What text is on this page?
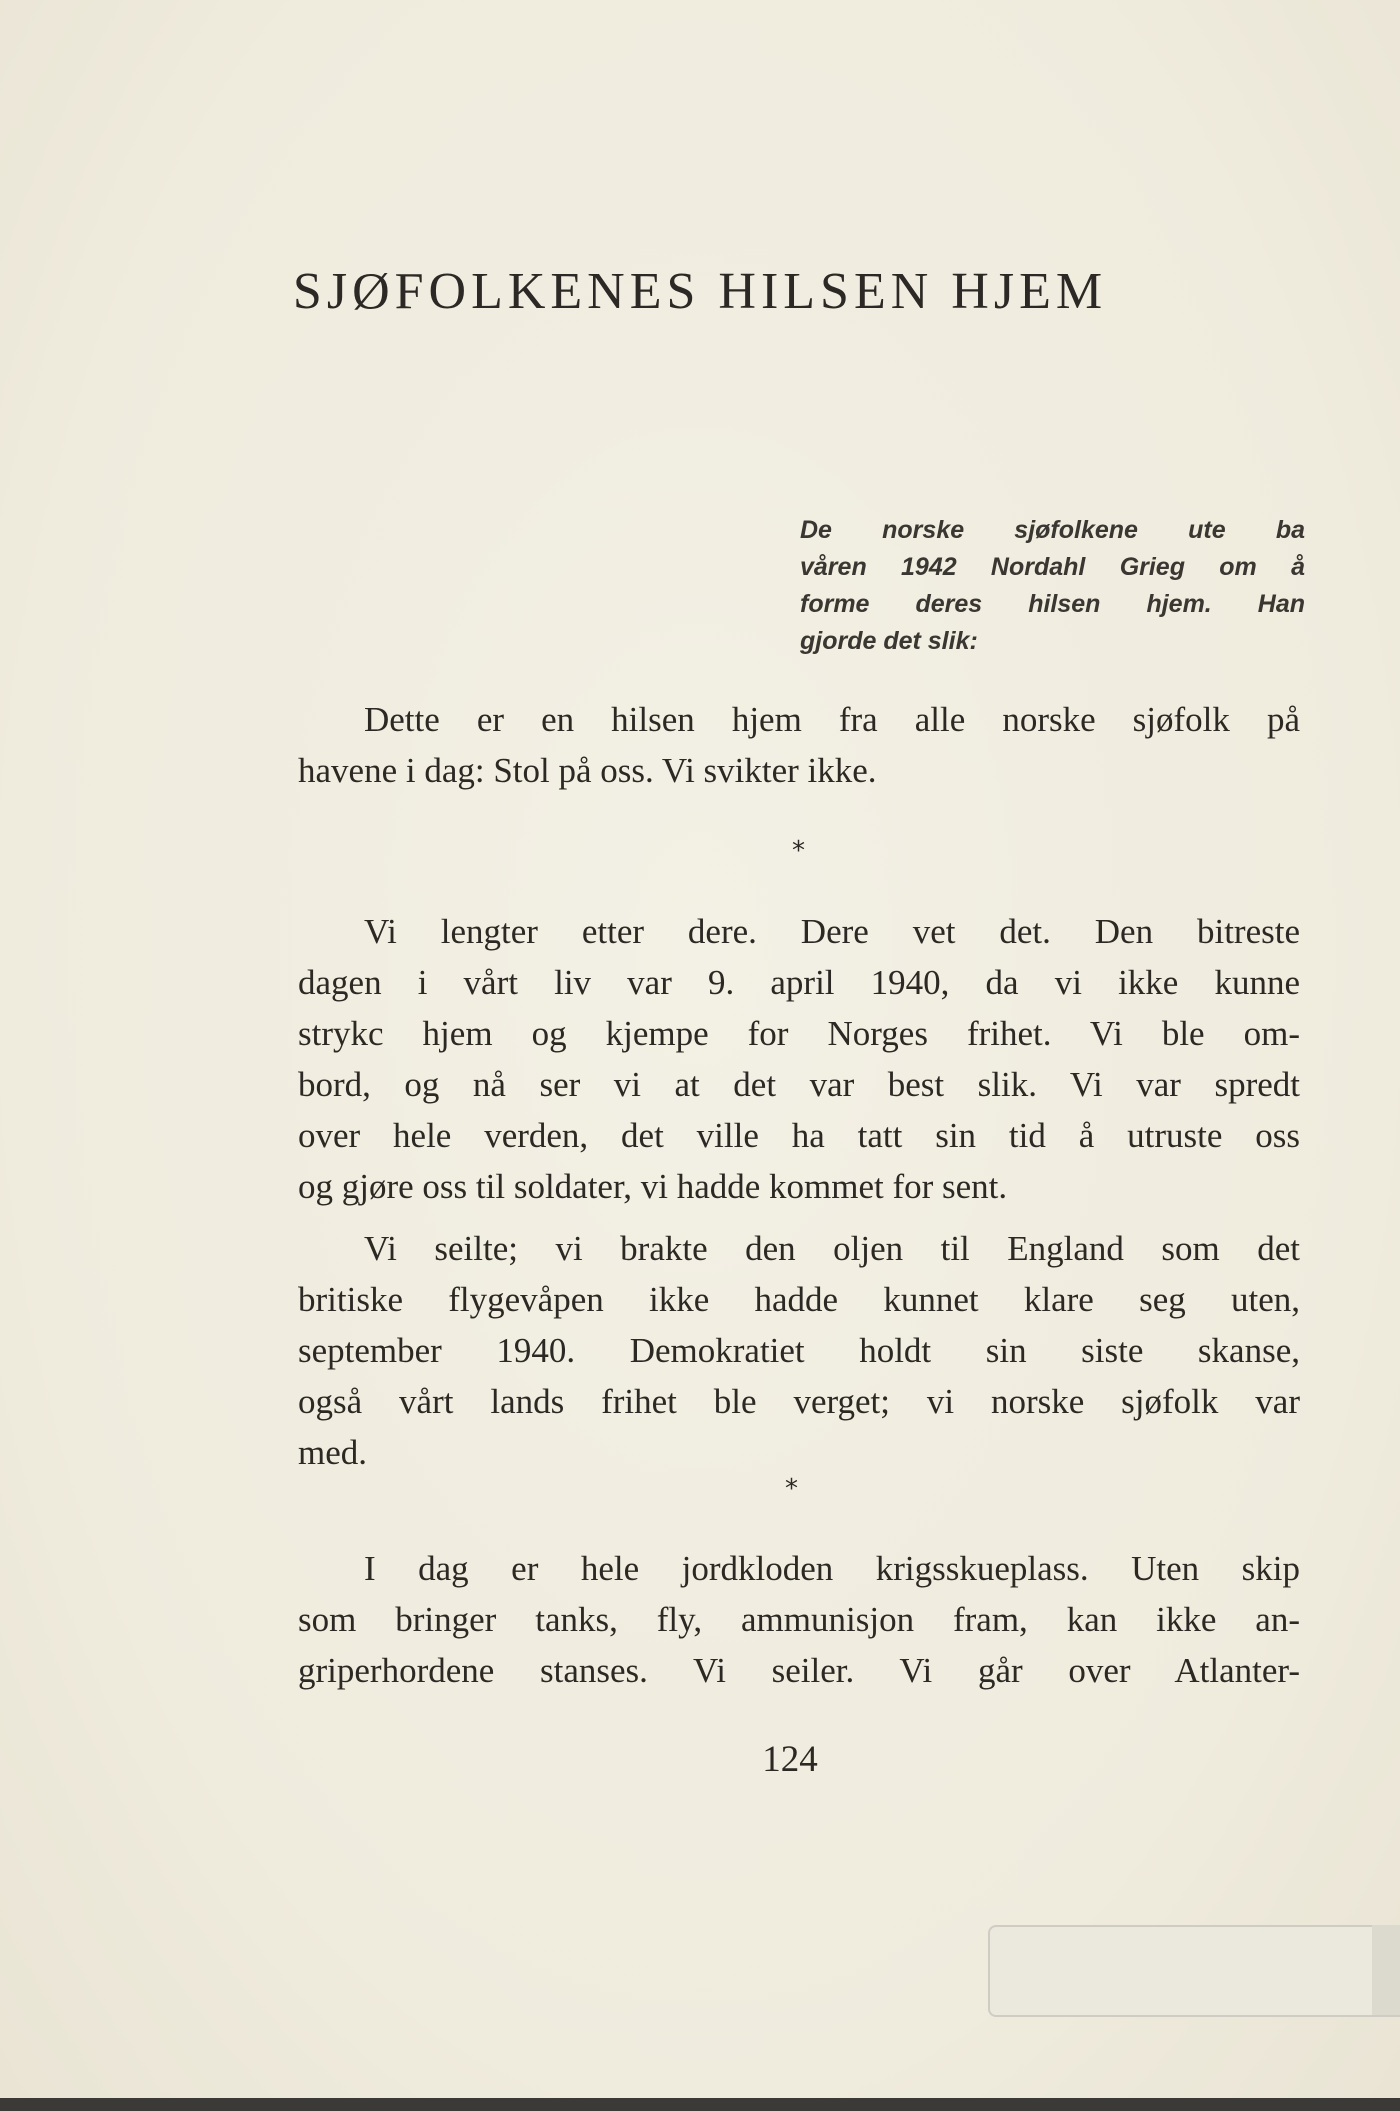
SJØFOLKENES HILSEN HJEM
De norske sjøfolkene ute ba
våren 1942 Nordahl Grieg om å
forme deres hilsen hjem. Han
gjorde det slik:

Dette er en hilsen hjem fra alle norske sjøfolk på
havene i dag: Stol på oss. Vi svikter ikke.

*

Vi lengter etter dere. Dere vet det. Den bitreste
dagen i vårt liv var 9. april 1940, da vi ikke kunne
strykc hjem og kjempe for Norges frihet. Vi ble om-
bord, og nå ser vi at det var best slik. Vi var spredt
over hele verden, det ville ha tatt sin tid å utruste oss
og gjøre oss til soldater, vi hadde kommet for sent.

Vi seilte; vi brakte den oljen til England som det
britiske flygevåpen ikke hadde kunnet klare seg uten,
september 1940. Demokratiet holdt sin siste skanse,
også vårt lands frihet ble verget; vi norske sjøfolk var
med.

*

I dag er hele jordkloden krigsskueplass. Uten skip
som bringer tanks, fly, ammunisjon fram, kan ikke an-
griperhordene stanses. Vi seiler. Vi går over Atlanter-

124
